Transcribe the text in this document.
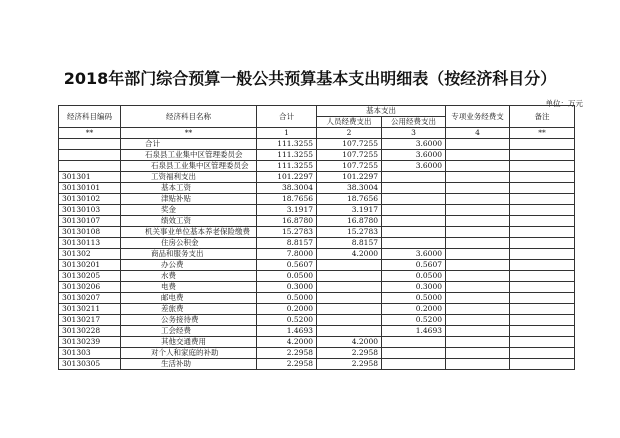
2018年部门综合预算一般公共预算基本支出明细表（按经济科目分）
单位：万元
经济科目编码	经济科目名称	合计	基本支出		专项业务经费支	备注
			人员经费支出	公用经费支出		
**	**	1	2	3	4	**
	合计	111.3255	107.7255	3.6000		
	石泉县工业集中区管理委员会	111.3255	107.7255	3.6000		
	石泉县工业集中区管理委员会	111.3255	107.7255	3.6000		
301301	工资福利支出	101.2297	101.2297			
30130101	基本工资	38.3004	38.3004			
30130102	津贴补贴	18.7656	18.7656			
30130103	奖金	3.1917	3.1917			
30130107	绩效工资	16.8780	16.8780			
30130108	机关事业单位基本养老保险缴费	15.2783	15.2783			
30130113	住房公积金	8.8157	8.8157			
301302	商品和服务支出	7.8000	4.2000	3.6000		
30130201	办公费	0.5607		0.5607		
30130205	水费	0.0500		0.0500		
30130206	电费	0.3000		0.3000		
30130207	邮电费	0.5000		0.5000		
30130211	差旅费	0.2000		0.2000		
30130217	公务接待费	0.5200		0.5200		
30130228	工会经费	1.4693		1.4693		
30130239	其他交通费用	4.2000	4.2000			
301303	对个人和家庭的补助	2.2958	2.2958			
30130305	生活补助	2.2958	2.2958			
